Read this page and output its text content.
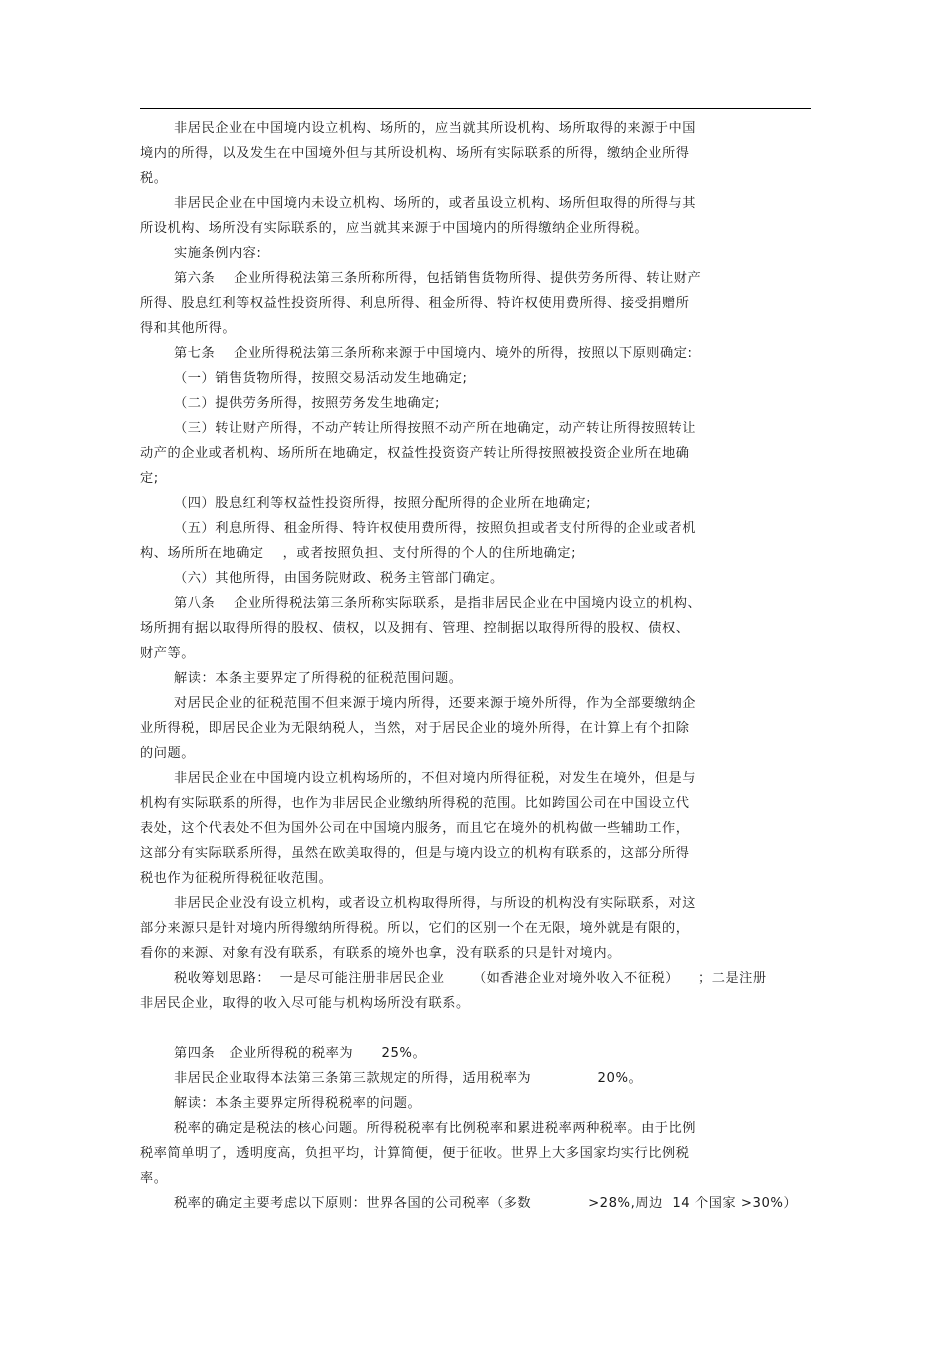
非居民企业在中国境内设立机构、场所的，应当就其所设机构、场所取得的来源于中国
境内的所得，以及发生在中国境外但与其所设机构、场所有实际联系的所得，缴纳企业所得
税。
非居民企业在中国境内未设立机构、场所的，或者虽设立机构、场所但取得的所得与其
所设机构、场所没有实际联系的，应当就其来源于中国境内的所得缴纳企业所得税。
实施条例内容:
第六条    企业所得税法第三条所称所得，包括销售货物所得、提供劳务所得、转让财产
所得、股息红利等权益性投资所得、利息所得、租金所得、特许权使用费所得、接受捐赠所
得和其他所得。
第七条    企业所得税法第三条所称来源于中国境内、境外的所得，按照以下原则确定:
（一）销售货物所得，按照交易活动发生地确定;
（二）提供劳务所得，按照劳务发生地确定;
（三）转让财产所得，不动产转让所得按照不动产所在地确定，动产转让所得按照转让
动产的企业或者机构、场所所在地确定，权益性投资资产转让所得按照被投资企业所在地确
定;
（四）股息红利等权益性投资所得，按照分配所得的企业所在地确定;
（五）利息所得、租金所得、特许权使用费所得，按照负担或者支付所得的企业或者机
构、场所所在地确定    ，或者按照负担、支付所得的个人的住所地确定;
（六）其他所得，由国务院财政、税务主管部门确定。
第八条    企业所得税法第三条所称实际联系，是指非居民企业在中国境内设立的机构、
场所拥有据以取得所得的股权、债权，以及拥有、管理、控制据以取得所得的股权、债权、
财产等。
解读：本条主要界定了所得税的征税范围问题。
对居民企业的征税范围不但来源于境内所得，还要来源于境外所得，作为全部要缴纳企
业所得税，即居民企业为无限纳税人，当然，对于居民企业的境外所得，在计算上有个扣除
的问题。
非居民企业在中国境内设立机构场所的，不但对境内所得征税，对发生在境外，但是与
机构有实际联系的所得，也作为非居民企业缴纳所得税的范围。比如跨国公司在中国设立代
表处，这个代表处不但为国外公司在中国境内服务，而且它在境外的机构做一些辅助工作，
这部分有实际联系所得，虽然在欧美取得的，但是与境内设立的机构有联系的，这部分所得
税也作为征税所得税征收范围。
非居民企业没有设立机构，或者设立机构取得所得，与所设的机构没有实际联系，对这
部分来源只是针对境内所得缴纳所得税。所以，它们的区别一个在无限，境外就是有限的，
看你的来源、对象有没有联系，有联系的境外也拿，没有联系的只是针对境内。
税收筹划思路：  一是尽可能注册非居民企业      （如香港企业对境外收入不征税）    ；二是注册
非居民企业，取得的收入尽可能与机构场所没有联系。
第四条   企业所得税的税率为      25%。
非居民企业取得本法第三条第三款规定的所得，适用税率为              20%。
解读：本条主要界定所得税税率的问题。
税率的确定是税法的核心问题。所得税税率有比例税率和累进税率两种税率。由于比例
税率简单明了，透明度高，负担平均，计算简便，便于征收。世界上大多国家均实行比例税
率。
税率的确定主要考虑以下原则：世界各国的公司税率（多数            >28%,周边  14 个国家 >30%）
